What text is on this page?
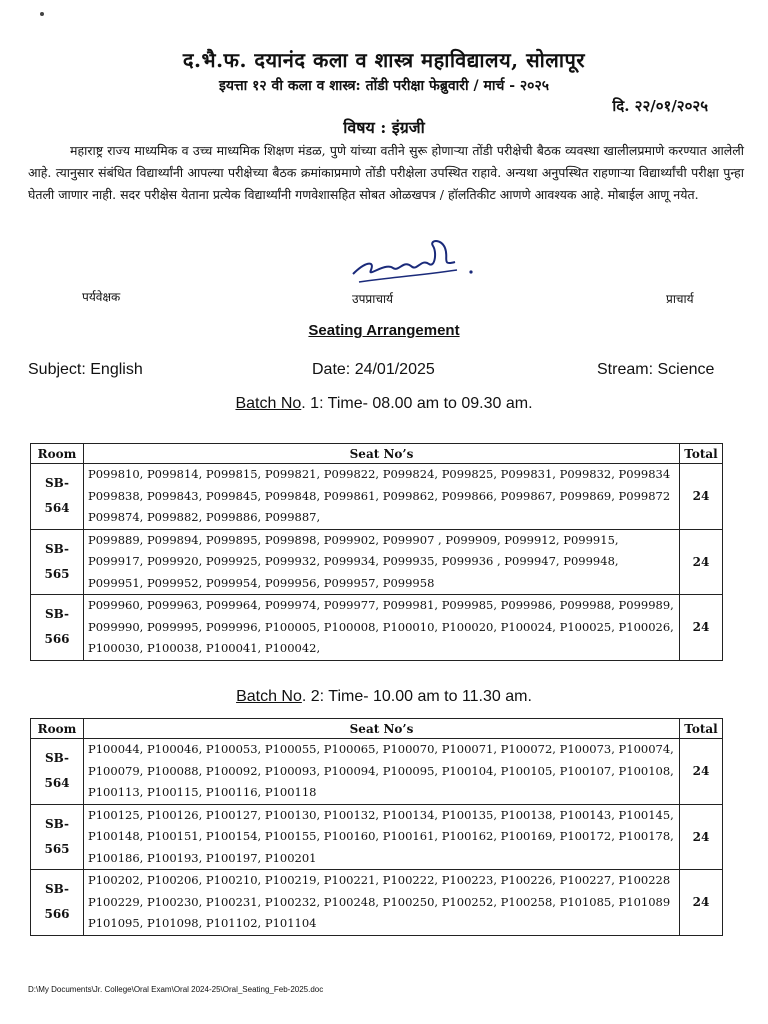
द.भै.फ. दयानंद कला व शास्त्र महाविद्यालय, सोलापूर
इयत्ता १२ वी कला व शास्त्र: तोंडी परीक्षा फेब्रुवारी / मार्च - २०२५
दि. २२/०१/२०२५
विषय : इंग्रजी
महाराष्ट्र राज्य माध्यमिक व उच्च माध्यमिक शिक्षण मंडळ, पुणे यांच्या वतीने सुरू होणाऱ्या तोंडी परीक्षेची बैठक व्यवस्था खालीलप्रमाणे करण्यात आलेली आहे. त्यानुसार संबंधित विद्यार्थ्यांनी आपल्या परीक्षेच्या बैठक क्रमांकाप्रमाणे तोंडी परीक्षेला उपस्थित राहावे. अन्यथा अनुपस्थित राहणाऱ्या विद्यार्थ्यांची परीक्षा पुन्हा घेतली जाणार नाही. सदर परीक्षेस येताना प्रत्येक विद्यार्थ्यांनी गणवेशासहित सोबत ओळखपत्र / हॉलतिकीट आणणे आवश्यक आहे. मोबाईल आणू नयेत.
पर्यवेक्षक	उपप्राचार्य	प्राचार्य
Seating Arrangement
Subject: English	Date: 24/01/2025	Stream: Science
Batch No. 1: Time- 08.00 am to 09.30 am.
Room	Seat No’s	Total
SB-
564	P099810, P099814, P099815, P099821, P099822, P099824, P099825, P099831, P099832, P099834 P099838, P099843, P099845, P099848, P099861, P099862, P099866, P099867, P099869, P099872 P099874, P099882, P099886, P099887,	24
SB-
565	P099889, P099894, P099895, P099898, P099902, P099907 , P099909, P099912, P099915, P099917, P099920, P099925, P099932, P099934, P099935, P099936 , P099947, P099948, P099951, P099952, P099954, P099956, P099957, P099958	24
SB-
566	P099960, P099963, P099964, P099974, P099977, P099981, P099985, P099986, P099988, P099989, P099990, P099995, P099996, P100005, P100008, P100010, P100020, P100024, P100025, P100026, P100030, P100038, P100041, P100042,	24
Batch No. 2: Time- 10.00 am to 11.30 am.
Room	Seat No’s	Total
SB-
564	P100044, P100046, P100053, P100055, P100065, P100070, P100071, P100072, P100073, P100074, P100079, P100088, P100092, P100093, P100094, P100095, P100104, P100105, P100107, P100108, P100113, P100115, P100116, P100118	24
SB-
565	P100125, P100126, P100127, P100130, P100132, P100134, P100135, P100138, P100143, P100145, P100148, P100151, P100154, P100155, P100160, P100161, P100162, P100169, P100172, P100178, P100186, P100193, P100197, P100201	24
SB-
566	P100202, P100206, P100210, P100219, P100221, P100222, P100223, P100226, P100227, P100228 P100229, P100230, P100231, P100232, P100248, P100250, P100252, P100258, P101085, P101089 P101095, P101098, P101102, P101104	24
D:\My Documents\Jr. College\Oral Exam\Oral 2024-25\Oral_Seating_Feb-2025.doc
